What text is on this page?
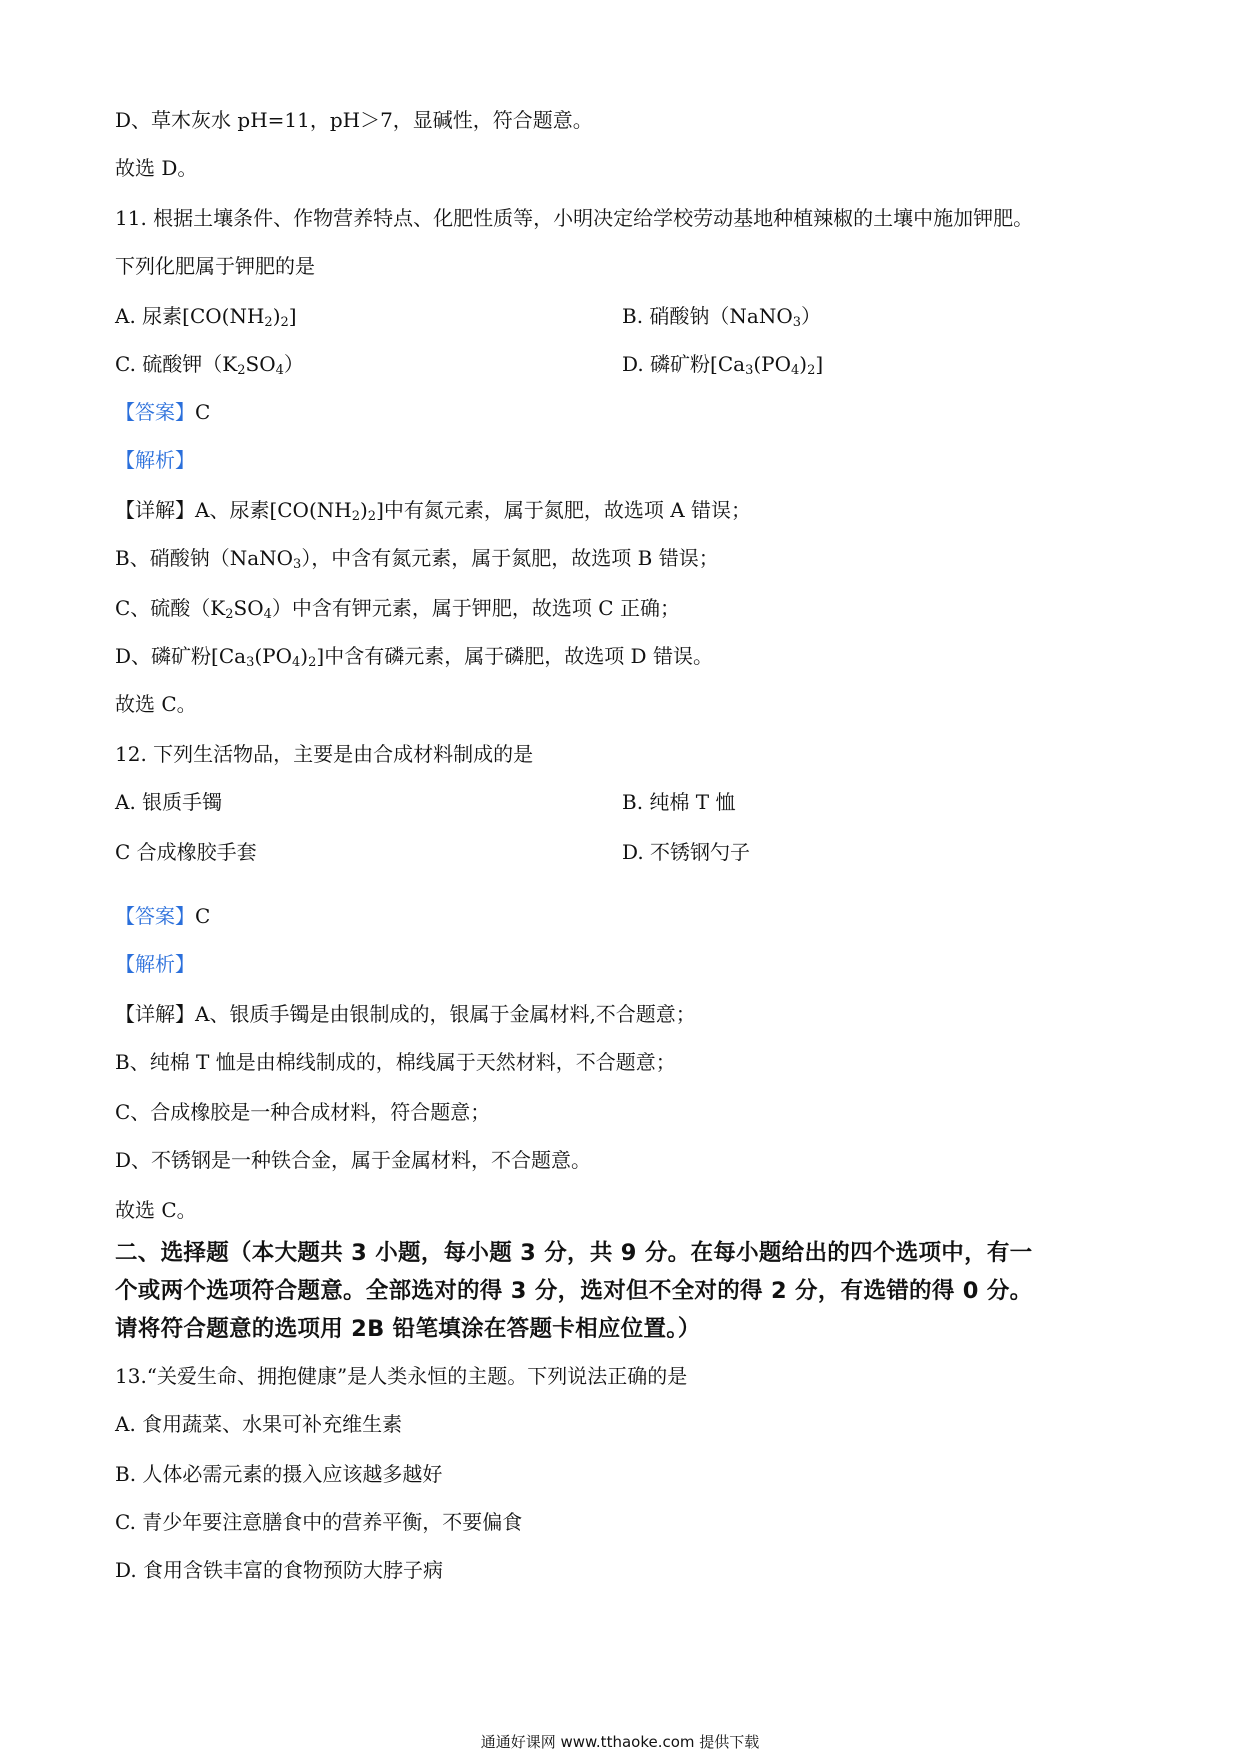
D、草木灰水 pH=11，pH＞7，显碱性，符合题意。
故选 D。
11. 根据土壤条件、作物营养特点、化肥性质等，小明决定给学校劳动基地种植辣椒的土壤中施加钾肥。
下列化肥属于钾肥的是
A. 尿素$[CO(NH_2)_2]$	B. 硝酸钠（NaNO$_3$）
C. 硫酸钾$(K_2SO_4)$	D. 磷矿粉$[Ca_3(PO_4)_2]$
【答案】C
【解析】
【详解】A、尿素$[CO(NH_2)_2]$中有氮元素，属于氮肥，故选项 A 错误；
B、硝酸钠（NaNO$_3$），中含有氮元素，属于氮肥，故选项 B 错误；
C、硫酸$(K_2SO_4)$中含有钾元素，属于钾肥，故选项 C 正确；
D、磷矿粉$[Ca_3(PO_4)_2]$中含有磷元素，属于磷肥，故选项 D 错误。
故选 C。
12. 下列生活物品，主要是由合成材料制成的是
A. 银质手镯	B. 纯棉 T 恤
C 合成橡胶手套	D. 不锈钢勺子
【答案】C
【解析】
【详解】A、银质手镯是由银制成的，银属于金属材料,不合题意；
B、纯棉 T 恤是由棉线制成的，棉线属于天然材料，不合题意；
C、合成橡胶是一种合成材料，符合题意；
D、不锈钢是一种铁合金，属于金属材料，不合题意。
故选 C。
二、选择题（本大题共 3 小题，每小题 3 分，共 9 分。在每小题给出的四个选项中，有一
个或两个选项符合题意。全部选对的得 3 分，选对但不全对的得 2 分，有选错的得 0 分。
请将符合题意的选项用 2B 铅笔填涂在答题卡相应位置。）
13.“关爱生命、拥抱健康”是人类永恒的主题。下列说法正确的是
A. 食用蔬菜、水果可补充维生素
B. 人体必需元素的摄入应该越多越好
C. 青少年要注意膳食中的营养平衡，不要偏食
D. 食用含铁丰富的食物预防大脖子病
通通好课网 www.tthaoke.com 提供下载
